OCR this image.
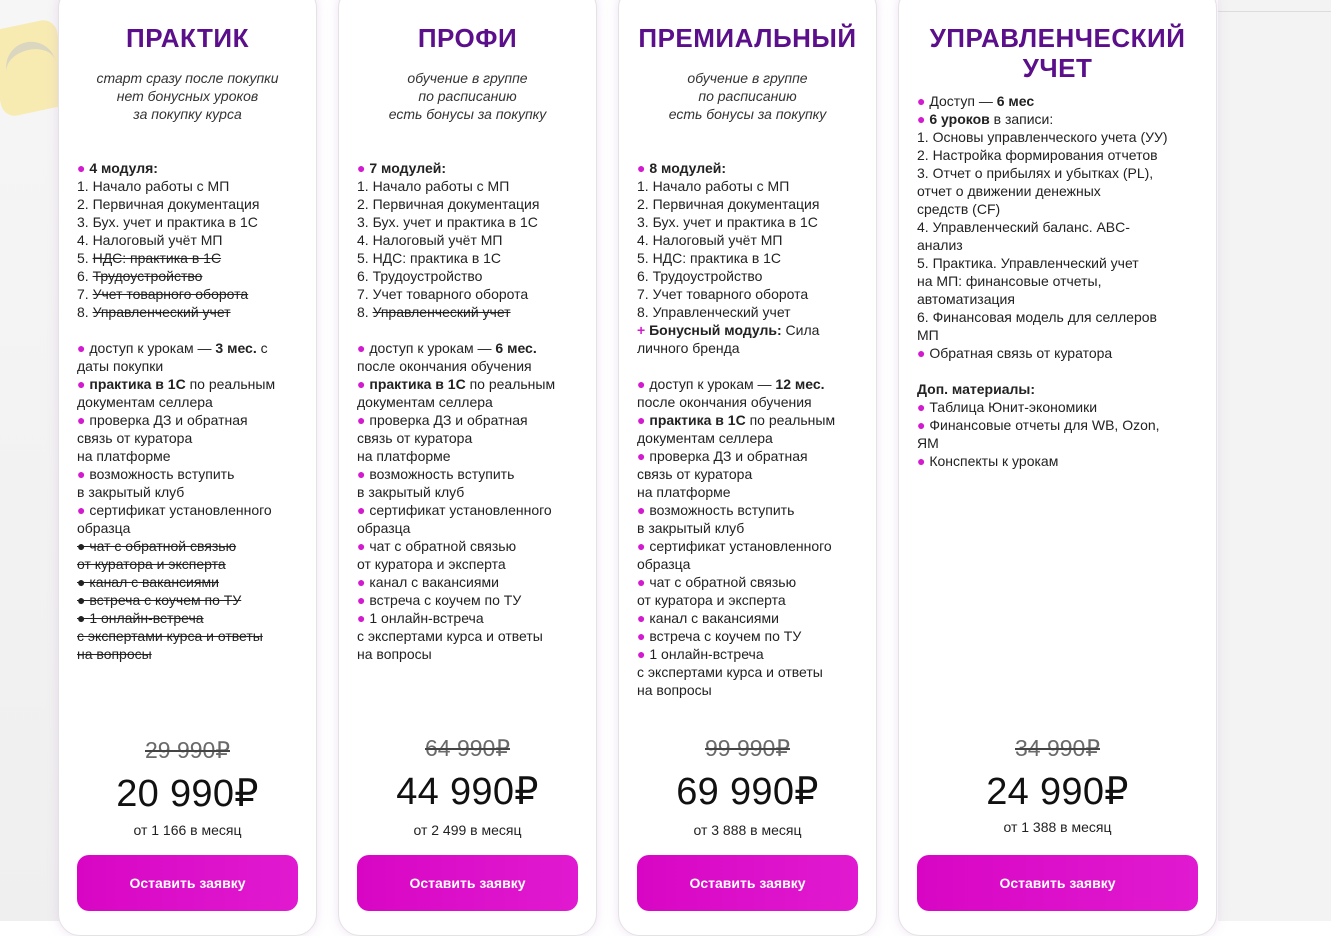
ПРАКТИК
старт сразу после покупки
нет бонусных уроков
за покупку курса
● 4 модуля:
1. Начало работы с МП
2. Первичная документация
3. Бух. учет и практика в 1С
4. Налоговый учёт МП
5. НДС: практика в 1С
6. Трудоустройство
7. Учет товарного оборота
8. Управленческий учет
● доступ к урокам — 3 мес. с
даты покупки
● практика в 1С по реальным
документам селлера
● проверка ДЗ и обратная
связь от куратора
на платформе
● возможность вступить
в закрытый клуб
● сертификат установленного
образца
● чат с обратной связью
от куратора и эксперта
● канал с вакансиями
● встреча с коучем по ТУ
● 1 онлайн-встреча
с экспертами курса и ответы
на вопросы
29 990₽
20 990₽
от 1 166 в месяц
Оставить заявку
ПРОФИ
обучение в группе
по расписанию
есть бонусы за покупку
● 7 модулей:
1. Начало работы с МП
2. Первичная документация
3. Бух. учет и практика в 1С
4. Налоговый учёт МП
5. НДС: практика в 1С
6. Трудоустройство
7. Учет товарного оборота
8. Управленческий учет
● доступ к урокам — 6 мес.
после окончания обучения
● практика в 1С по реальным
документам селлера
● проверка ДЗ и обратная
связь от куратора
на платформе
● возможность вступить
в закрытый клуб
● сертификат установленного
образца
● чат с обратной связью
от куратора и эксперта
● канал с вакансиями
● встреча с коучем по ТУ
● 1 онлайн-встреча
с экспертами курса и ответы
на вопросы
64 990₽
44 990₽
от 2 499 в месяц
Оставить заявку
ПРЕМИАЛЬНЫЙ
обучение в группе
по расписанию
есть бонусы за покупку
● 8 модулей:
1. Начало работы с МП
2. Первичная документация
3. Бух. учет и практика в 1С
4. Налоговый учёт МП
5. НДС: практика в 1С
6. Трудоустройство
7. Учет товарного оборота
8. Управленческий учет
+ Бонусный модуль: Сила
личного бренда
● доступ к урокам — 12 мес.
после окончания обучения
● практика в 1С по реальным
документам селлера
● проверка ДЗ и обратная
связь от куратора
на платформе
● возможность вступить
в закрытый клуб
● сертификат установленного
образца
● чат с обратной связью
от куратора и эксперта
● канал с вакансиями
● встреча с коучем по ТУ
● 1 онлайн-встреча
с экспертами курса и ответы
на вопросы
99 990₽
69 990₽
от 3 888 в месяц
Оставить заявку
УПРАВЛЕНЧЕСКИЙ
УЧЕТ
● Доступ — 6 мес
● 6 уроков в записи:
1. Основы управленческого учета (УУ)
2. Настройка формирования отчетов
3. Отчет о прибылях и убытках (PL),
отчет о движении денежных
средств (CF)
4. Управленческий баланс. ABC-
анализ
5. Практика. Управленческий учет
на МП: финансовые отчеты,
автоматизация
6. Финансовая модель для селлеров
МП
● Обратная связь от куратора
Доп. материалы:
● Таблица Юнит-экономики
● Финансовые отчеты для WB, Ozon,
ЯМ
● Конспекты к урокам
34 990₽
24 990₽
от 1 388 в месяц
Оставить заявку
